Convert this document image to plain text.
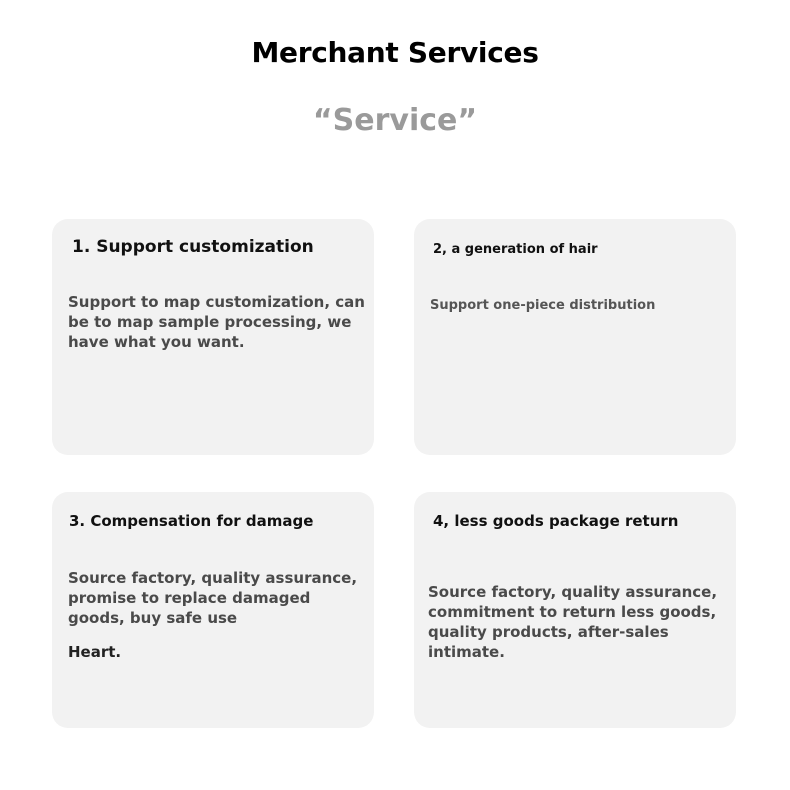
Merchant Services
“Service”
1. Support customization
Support to map customization, can be to map sample processing, we have what you want.
2, a generation of hair
Support one-piece distribution
3. Compensation for damage
Source factory, quality assurance, promise to replace damaged goods, buy safe use
Heart.
4, less goods package return
Source factory, quality assurance, commitment to return less goods, quality products, after-sales intimate.
